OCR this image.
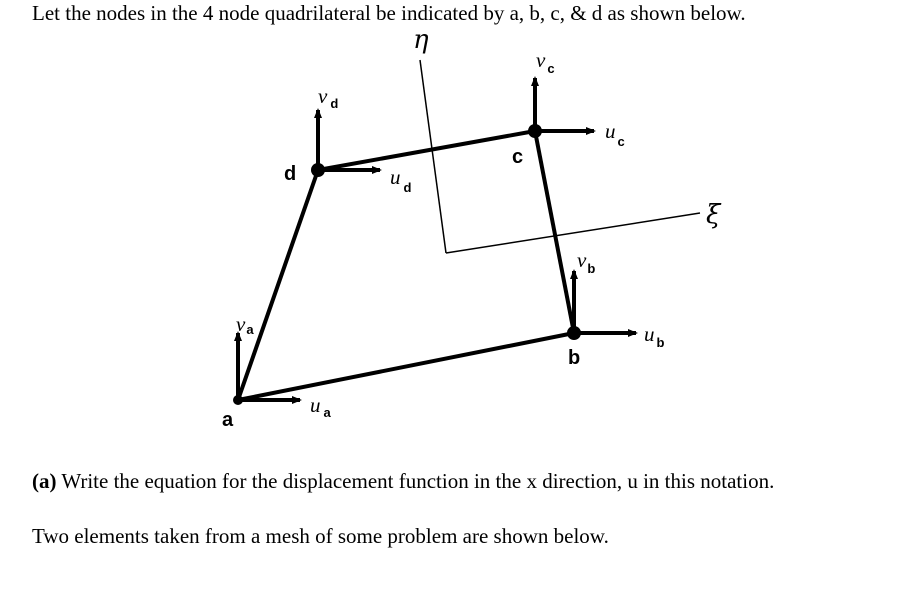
Let the nodes in the 4 node quadrilateral be indicated by a, b, c, & d as shown below.
η
ξ
a
b
c
d
u $_a$
va	u $_b$
$v_b$
u $_c$
v $_c$
u $_d$
v $_d$
(a) Write the equation for the displacement function in the x direction, u in this notation.
Two elements taken from a mesh of some problem are shown below.
